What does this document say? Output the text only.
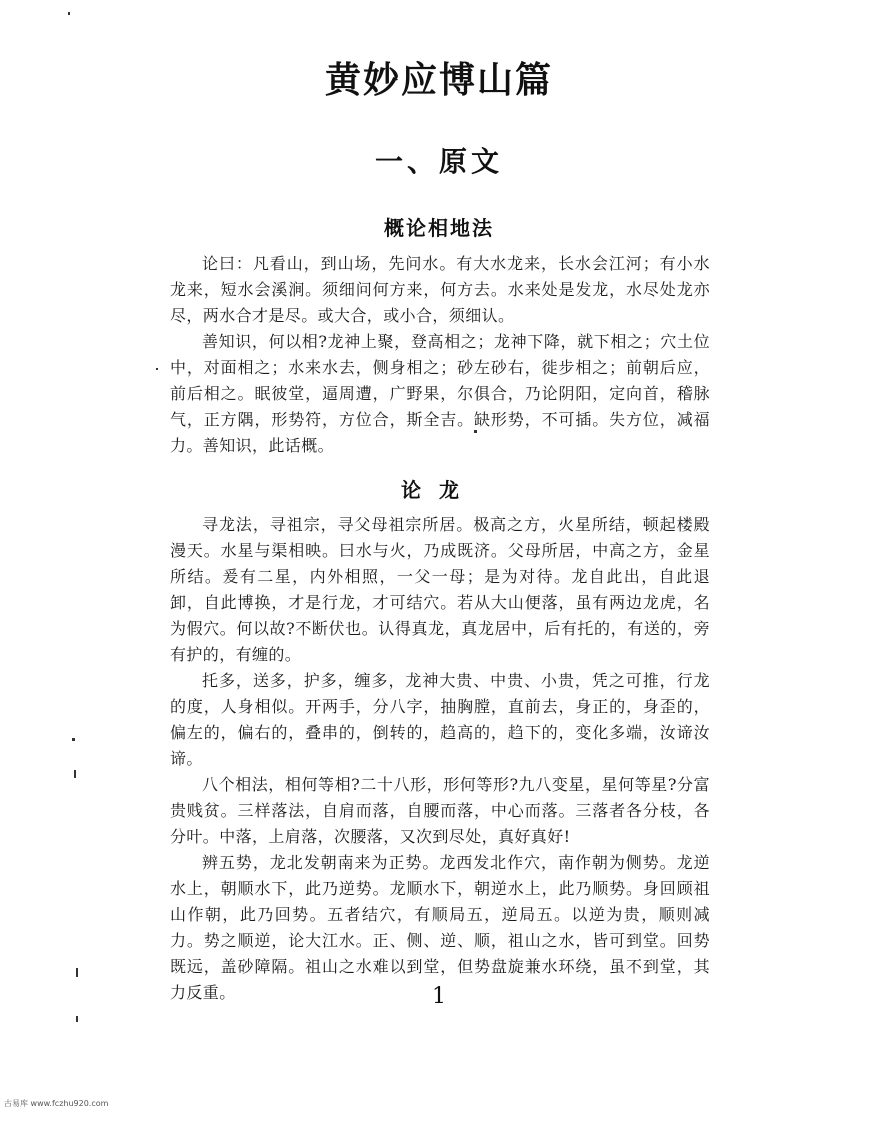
黄妙应博山篇
一、原文
概论相地法

论曰：凡看山，到山场，先问水。有大水龙来，长水会江河；有小水龙来，短水会溪涧。须细问何方来，何方去。水来处是发龙，水尽处龙亦尽，两水合才是尽。或大合，或小合，须细认。

善知识，何以相?龙神上聚，登高相之；龙神下降，就下相之；穴土位中，对面相之；水来水去，侧身相之；砂左砂右，徙步相之；前朝后应，前后相之。眠彼堂，逼周遭，广野果，尔俱合，乃论阴阳，定向首，稽脉气，正方隅，形势符，方位合，斯全吉。缺形势，不可插。失方位，减福力。善知识，此话概。

论龙

寻龙法，寻祖宗，寻父母祖宗所居。极高之方，火星所结，顿起楼殿漫天。水星与渠相映。曰水与火，乃成既济。父母所居，中高之方，金星所结。爰有二星，内外相照，一父一母；是为对待。龙自此出，自此退卸，自此博换，才是行龙，才可结穴。若从大山便落，虽有两边龙虎，名为假穴。何以故?不断伏也。认得真龙，真龙居中，后有托的，有送的，旁有护的，有缠的。

托多，送多，护多，缠多，龙神大贵、中贵、小贵，凭之可推，行龙的度，人身相似。开两手，分八字，抽胸膛，直前去，身正的，身歪的，偏左的，偏右的，叠串的，倒转的，趋高的，趋下的，变化多端，汝谛汝谛。

八个相法，相何等相?二十八形，形何等形?九八变星，星何等星?分富贵贱贫。三样落法，自肩而落，自腰而落，中心而落。三落者各分枝，各分叶。中落，上肩落，次腰落，又次到尽处，真好真好!

辨五势，龙北发朝南来为正势。龙西发北作穴，南作朝为侧势。龙逆水上，朝顺水下，此乃逆势。龙顺水下，朝逆水上，此乃顺势。身回顾祖山作朝，此乃回势。五者结穴，有顺局五，逆局五。以逆为贵，顺则减力。势之顺逆，论大江水。正、侧、逆、顺，祖山之水，皆可到堂。回势既远，盖砂障隔。祖山之水难以到堂，但势盘旋兼水环绕，虽不到堂，其力反重。	1
古易库 www.fczhu920.com
